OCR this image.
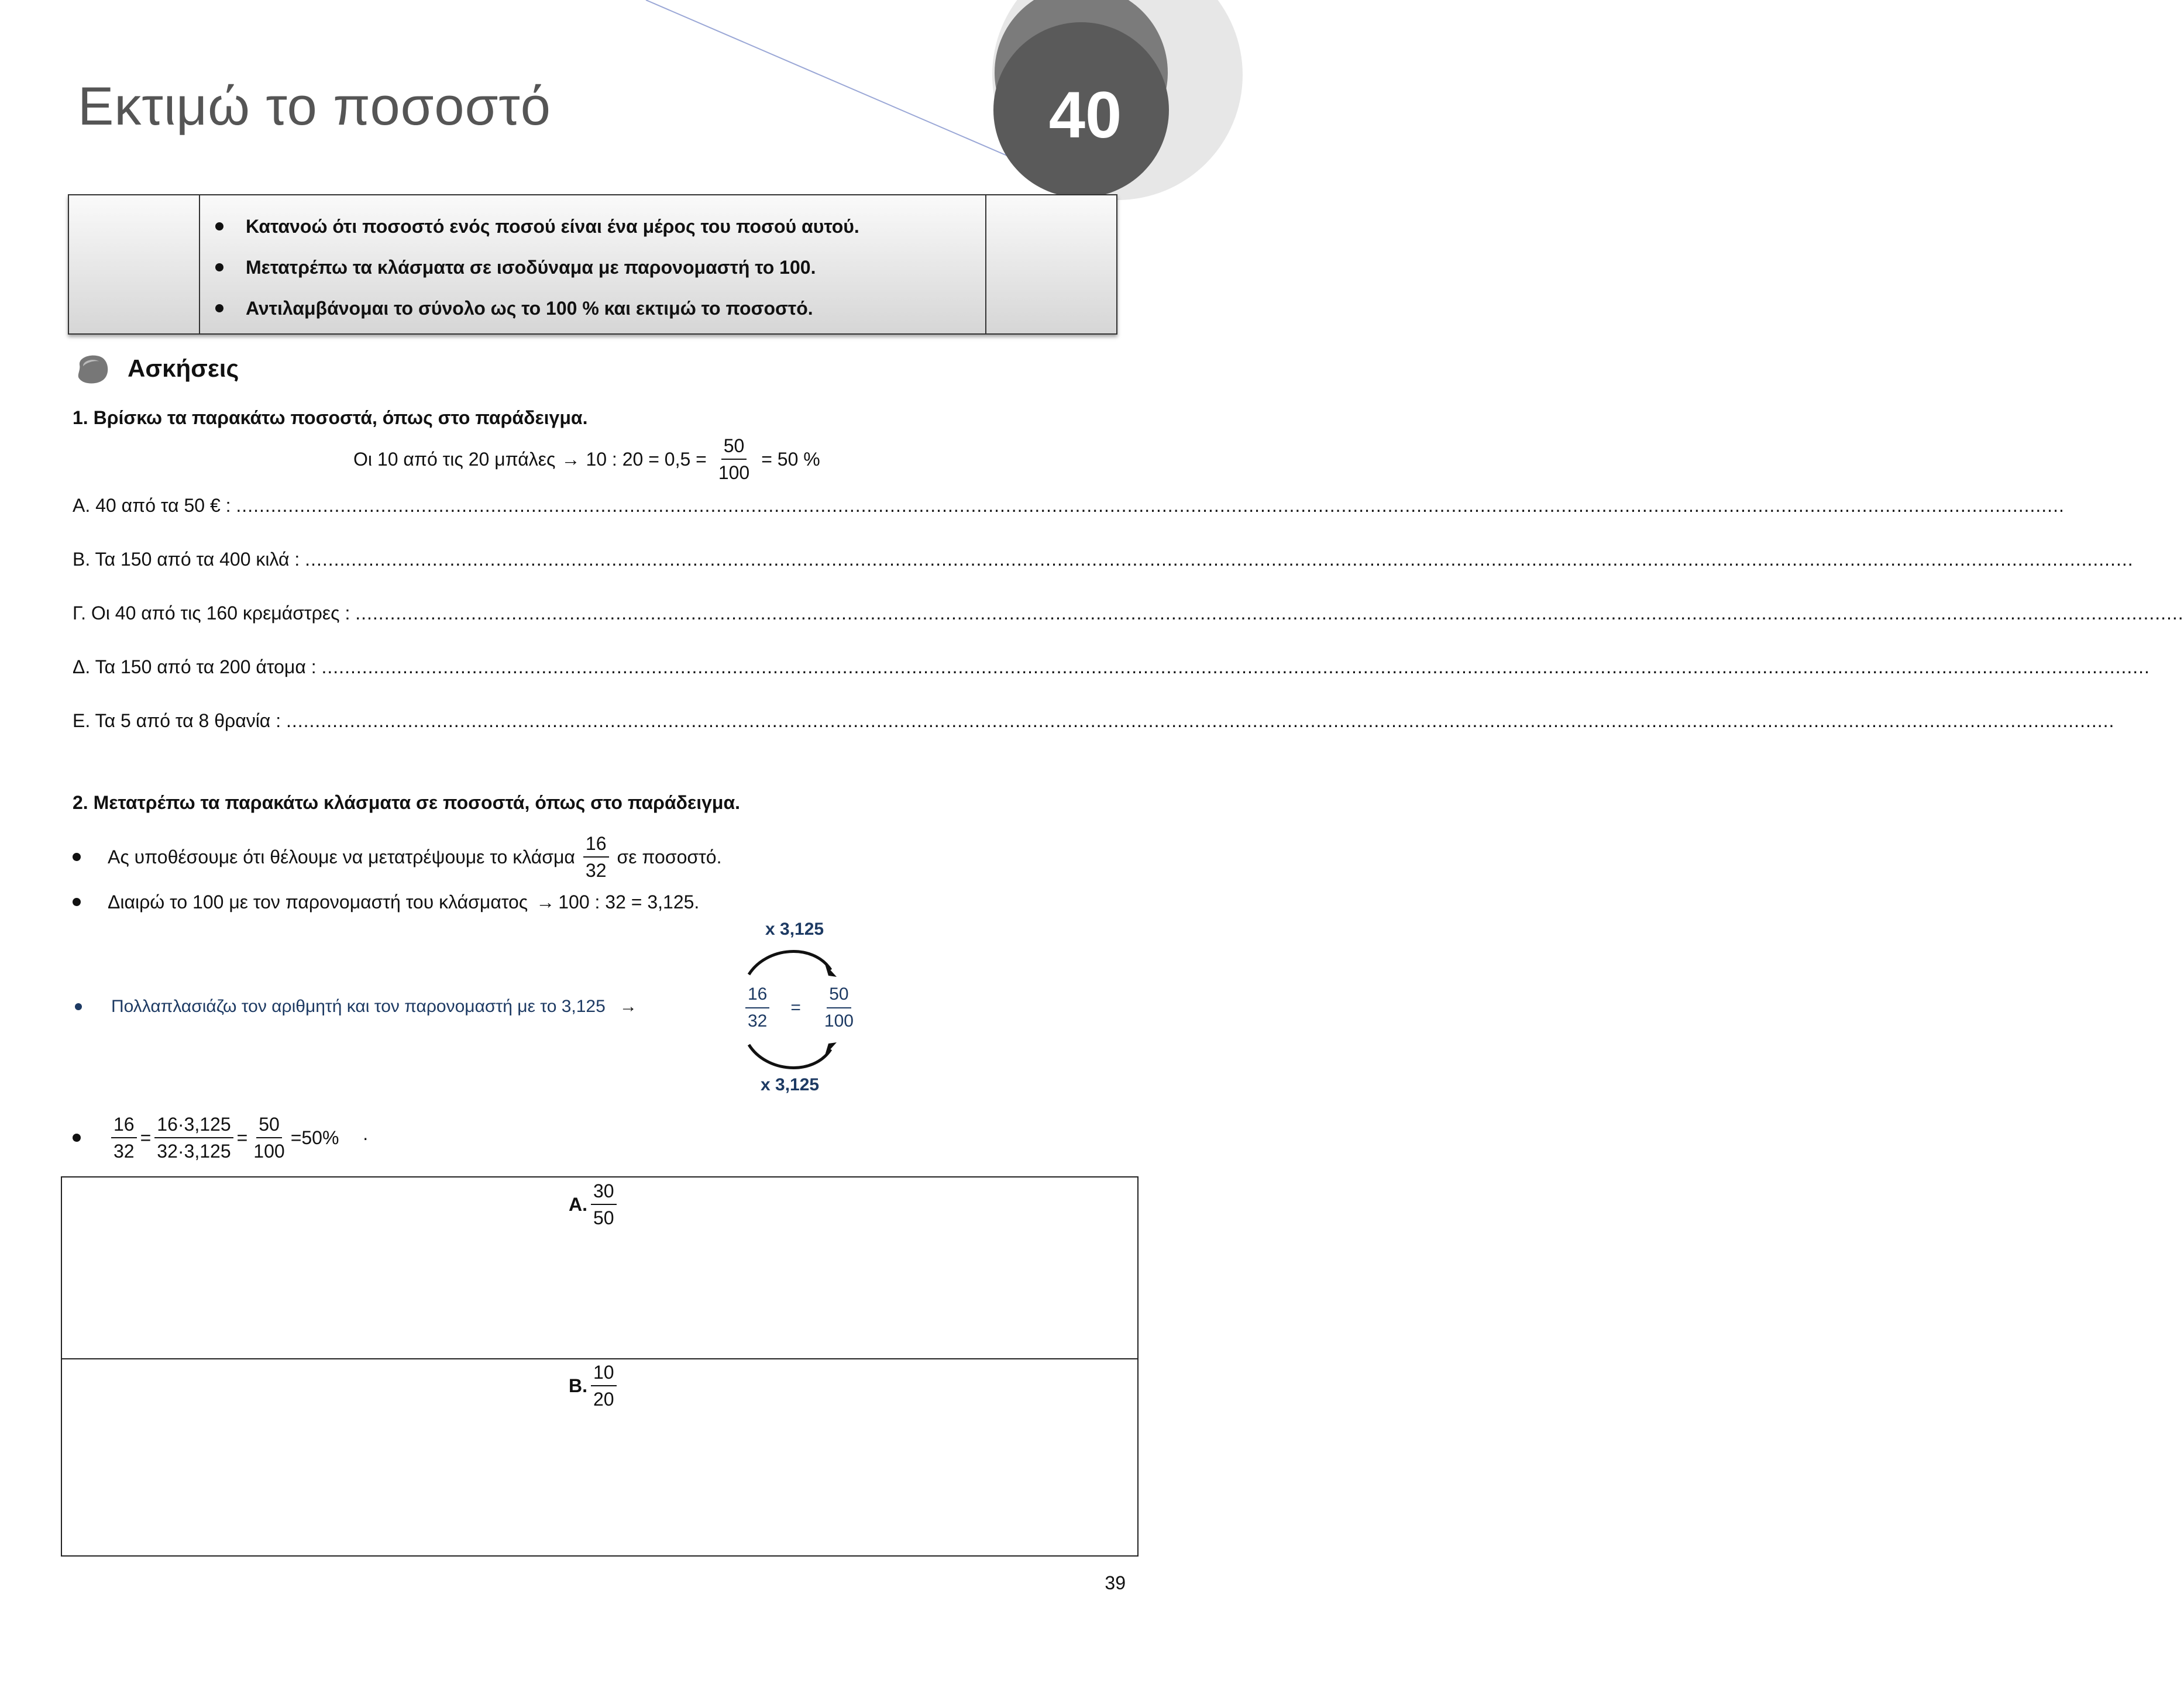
40
Εκτιμώ το ποσοστό
Κατανοώ ότι ποσοστό ενός ποσού είναι ένα μέρος του ποσού αυτού.
Μετατρέπω τα κλάσματα σε ισοδύναμα με παρονομαστή το 100.
Αντιλαμβάνομαι το σύνολο ως το 100 % και εκτιμώ το ποσοστό.
Ασκήσεις
1. Βρίσκω τα παρακάτω ποσοστά, όπως στο παράδειγμα.
Οι 10 από τις 20 μπάλες → 10 : $20 = 0,5 = \frac{50}{100} = 50$ %
Α. 40 από τα 50 € :
............................................................................................................................................................................................................................................................................................................................
Β. Τα 150 από τα 400 κιλά :
............................................................................................................................................................................................................................................................................................................................
Γ. Οι 40 από τις 160 κρεμάστρες :
............................................................................................................................................................................................................................................................................................................................
Δ. Τα 150 από τα 200 άτομα :
............................................................................................................................................................................................................................................................................................................................
Ε. Τα 5 από τα 8 θρανία :
............................................................................................................................................................................................................................................................................................................................
2. Μετατρέπω τα παρακάτω κλάσματα σε ποσοστά, όπως στο παράδειγμα.
Ας υποθέσουμε ότι θέλουμε να μετατρέψουμε το κλάσμα $\frac{16}{32}$ σε ποσοστό.
Διαιρώ το 100 με τον παρονομαστή του κλάσματος → 100 : 32 = 3,125.
Πολλαπλασιάζω τον αριθμητή και τον παρονομαστή με το 3,125 →
x 3,125
$\frac{16}{32} = \frac{50}{100}$
x 3,125
$\frac{16}{32} = \frac{16\cdot 3,125}{32\cdot 3,125} = \frac{50}{100} =50\%$ ·
Α. $\frac{30}{50}$
Β. $\frac{10}{20}$
39
